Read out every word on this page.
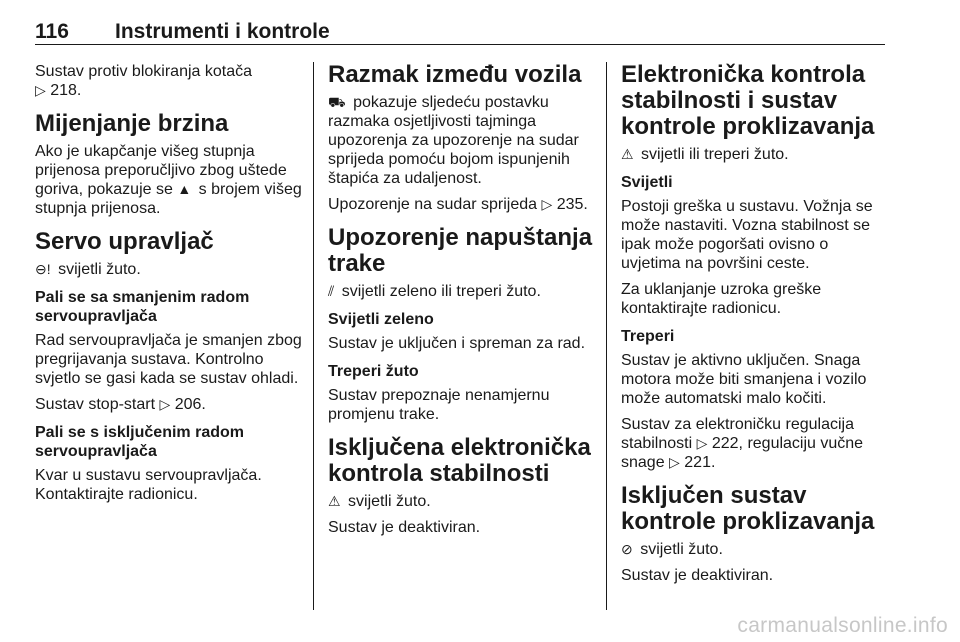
116 Instrumenti i kontrole

Sustav protiv blokiranja kotača
▷ 218.

Mijenjanje brzina

Ako je ukapčanje višeg stupnja prijenosa preporučljivo zbog uštede goriva, pokazuje se ▲ s brojem višeg stupnja prijenosa.

Servo upravljač

⊖! svijetli žuto.

Pali se sa smanjenim radom servoupravljača

Rad servoupravljača je smanjen zbog pregrijavanja sustava. Kontrolno svjetlo se gasi kada se sustav ohladi.

Sustav stop-start ▷ 206.

Pali se s isključenim radom servoupravljača

Kvar u sustavu servoupravljača. Kontaktirajte radionicu.

Razmak između vozila

⛟ pokazuje sljedeću postavku razmaka osjetljivosti tajminga upozorenja za upozorenje na sudar sprijeda pomoću bojom ispunjenih štapića za udaljenost.

Upozorenje na sudar sprijeda ▷ 235.

Upozorenje napuštanja trake

⫽ svijetli zeleno ili treperi žuto.

Svijetli zeleno

Sustav je uključen i spreman za rad.

Treperi žuto

Sustav prepoznaje nenamjernu promjenu trake.

Isključena elektronička kontrola stabilnosti

⚠ svijetli žuto.

Sustav je deaktiviran.

Elektronička kontrola stabilnosti i sustav kontrole proklizavanja

⚠ svijetli ili treperi žuto.

Svijetli

Postoji greška u sustavu. Vožnja se može nastaviti. Vozna stabilnost se ipak može pogoršati ovisno o uvjetima na površini ceste.

Za uklanjanje uzroka greške kontaktirajte radionicu.

Treperi

Sustav je aktivno uključen. Snaga motora može biti smanjena i vozilo može automatski malo kočiti.

Sustav za elektroničku regulacija stabilnosti ▷ 222, regulaciju vučne snage ▷ 221.

Isključen sustav kontrole proklizavanja

⊘ svijetli žuto.

Sustav je deaktiviran.

carmanualsonline.info
